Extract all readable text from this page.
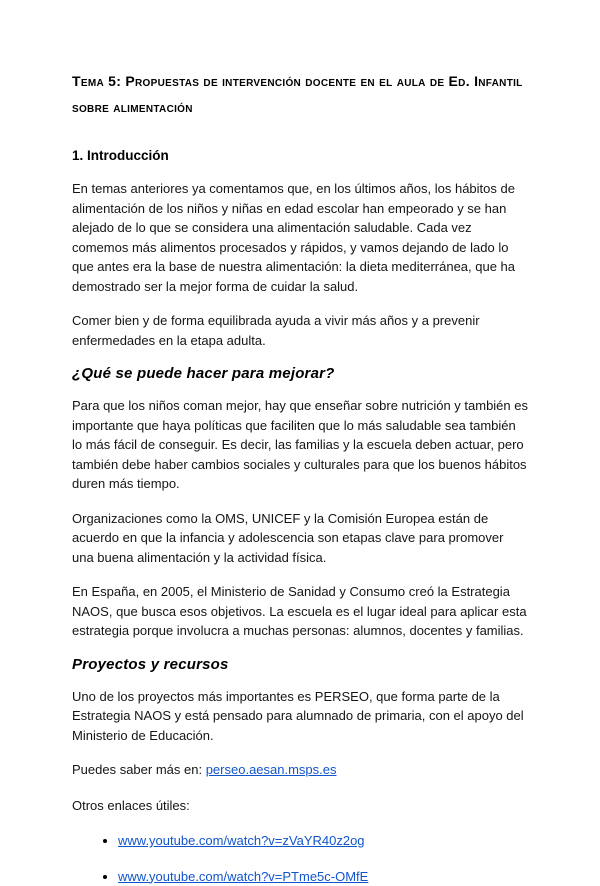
Tema 5: Propuestas de intervención docente en el aula de Ed. Infantil sobre alimentación
1. Introducción

En temas anteriores ya comentamos que, en los últimos años, los hábitos de alimentación de los niños y niñas en edad escolar han empeorado y se han alejado de lo que se considera una alimentación saludable. Cada vez comemos más alimentos procesados y rápidos, y vamos dejando de lado lo que antes era la base de nuestra alimentación: la dieta mediterránea, que ha demostrado ser la mejor forma de cuidar la salud.

Comer bien y de forma equilibrada ayuda a vivir más años y a prevenir enfermedades en la etapa adulta.

¿Qué se puede hacer para mejorar?

Para que los niños coman mejor, hay que enseñar sobre nutrición y también es importante que haya políticas que faciliten que lo más saludable sea también lo más fácil de conseguir. Es decir, las familias y la escuela deben actuar, pero también debe haber cambios sociales y culturales para que los buenos hábitos duren más tiempo.

Organizaciones como la OMS, UNICEF y la Comisión Europea están de acuerdo en que la infancia y adolescencia son etapas clave para promover una buena alimentación y la actividad física.

En España, en 2005, el Ministerio de Sanidad y Consumo creó la Estrategia NAOS, que busca esos objetivos. La escuela es el lugar ideal para aplicar esta estrategia porque involucra a muchas personas: alumnos, docentes y familias.

Proyectos y recursos

Uno de los proyectos más importantes es PERSEO, que forma parte de la Estrategia NAOS y está pensado para alumnado de primaria, con el apoyo del Ministerio de Educación.

Puedes saber más en: perseo.aesan.msps.es

Otros enlaces útiles:

• www.youtube.com/watch?v=zVaYR40z2og
• www.youtube.com/watch?v=PTme5c-OMfE
